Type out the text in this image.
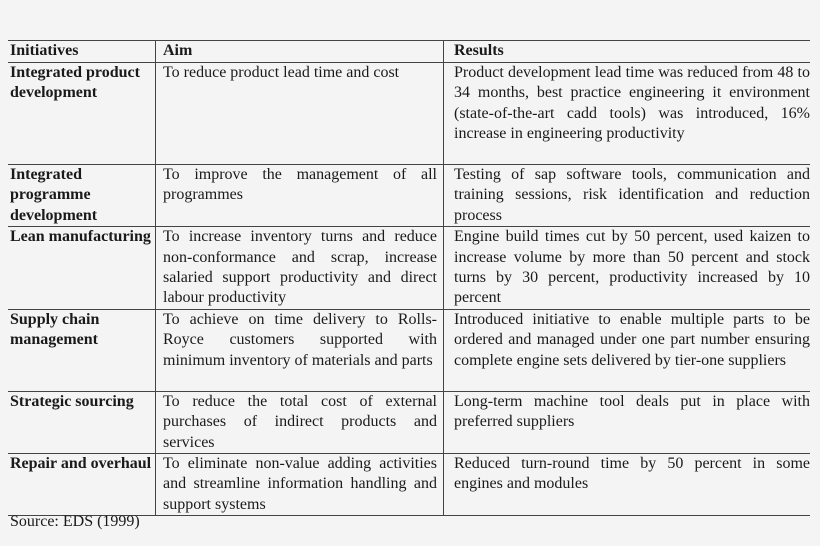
Initiatives	Aim	Results
Integrated product development	To reduce product lead time and cost	Product development lead time was reduced from 48 to 34 months, best practice engineering it environment (state-of-the-art cadd tools) was introduced, 16% increase in engineering productivity
Integrated programme development	To improve the management of all programmes	Testing of sap software tools, communication and training sessions, risk identification and reduction process
Lean manufacturing	To increase inventory turns and reduce non-conformance and scrap, increase salaried support productivity and direct labour productivity	Engine build times cut by 50 percent, used kaizen to increase volume by more than 50 percent and stock turns by 30 percent, productivity increased by 10 percent
Supply chain management	To achieve on time delivery to Rolls-Royce customers supported with minimum inventory of materials and parts	Introduced initiative to enable multiple parts to be ordered and managed under one part number ensuring complete engine sets delivered by tier-one suppliers
Strategic sourcing	To reduce the total cost of external purchases of indirect products and services	Long-term machine tool deals put in place with preferred suppliers
Repair and overhaul	To eliminate non-value adding activities and streamline information handling and support systems	Reduced turn-round time by 50 percent in some engines and modules
Source: EDS (1999)
